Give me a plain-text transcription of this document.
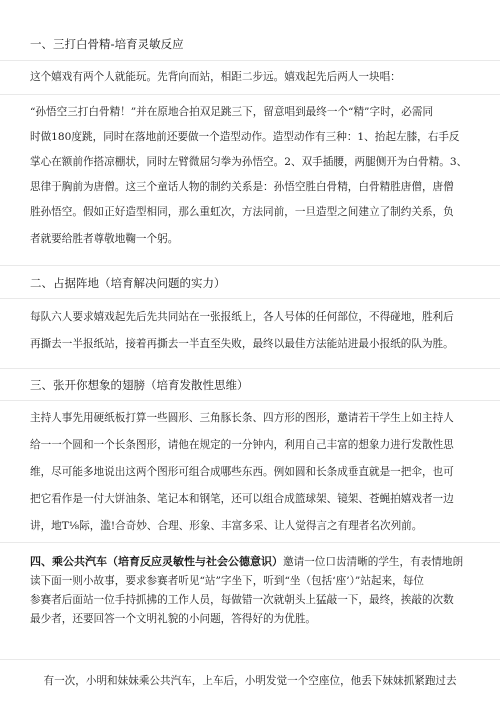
一、三打白骨精-培育灵敏反应
这个嬉戏有两个人就能玩。先背向而站，相距二步远。嬉戏起先后两人一块唱：
“孙悟空三打白骨精！”并在原地合拍双足跳三下，留意唱到最终一个“精”字时，必需同
时做180度跳，同时在落地前还要做一个造型动作。造型动作有三种：1、抬起左膝，右手反
掌心在额前作搭凉棚状，同时左臂微屈匀拳为孙悟空。2、双手插腰，两腿侧开为白骨精。3、
思律于胸前为唐僧。这三个童话人物的制约关系是：孙悟空胜白骨精，白骨精胜唐僧，唐僧
胜孙悟空。假如正好造型相同，那么重虹次，方法同前，一旦造型之间建立了制约关系，负
者就要给胜者尊敬地鞠一个躬。
二、占据阵地（培育解决问题的实力）
每队六人要求嬉戏起先后先共同站在一张报纸上，各人号体的任何部位，不得碰地，胜利后
再撕去一半报纸站，接着再撕去一半直至失败，最终以最佳方法能站进最小报纸的队为胜。
三、张开你想象的翅膀（培育发散性思维）
主持人事先用硬纸板打算一些圆形、三角豚长条、四方形的图形，邀请若干学生上如主持人
给一一个圆和一个长条图形，请他在规定的一分钟内，利用自己丰富的想象力进行发散性思
维，尽可能多地说出这两个图形可组合成哪些东西。例如圆和长条成垂直就是一把伞，也可
把它看作是一付大饼油条、笔记本和钢笔，还可以组合成篮球架、镜架、苍蝇拍嬉戏者一边
讲，地T⅛际，滥!合奇妙、合理、形象、丰富多采、让人觉得言之有理者名次列前。
四、乘公共汽车（培育反应灵敏性与社会公德意识）邀请一位口齿清晰的学生，有表情地朗
读下面一则小故事，要求参赛者听见“站”字坐下，听到“坐（包括‘座’）”站起来，每位
参赛者后面站一位手持抓拂的工作人员，每做错一次就朝头上猛敲一下，最终，挨敲的次数
最少者，还要回答一个文明礼貌的小问题，答得好的为优胜。
有一次，小明和妹妹乘公共汽车，上车后，小明发觉一个空座位，他丢下妹妹抓紧跑过去
